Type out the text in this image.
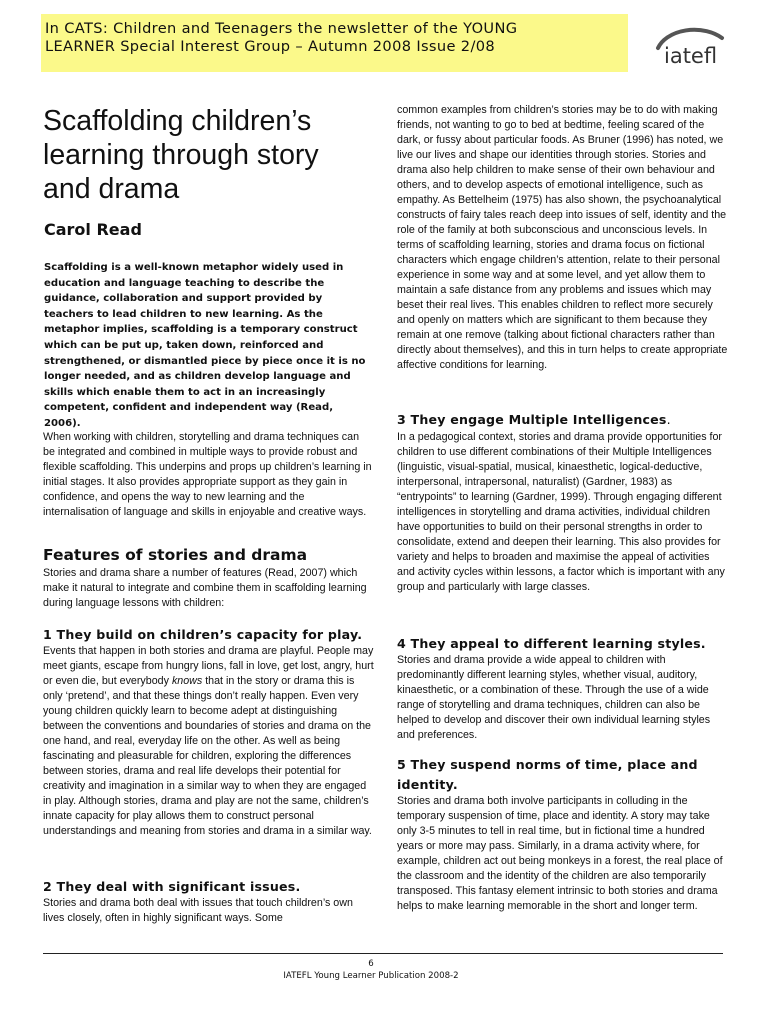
In CATS: Children and Teenagers the newsletter of the YOUNG
LEARNER Special Interest Group – Autumn 2008 Issue 2/08	iatefl
Scaffolding children’s learning through story and drama
Carol Read
Scaffolding is a well-known metaphor widely used in education and language teaching to describe the guidance, collaboration and support provided by teachers to lead children to new learning. As the metaphor implies, scaffolding is a temporary construct which can be put up, taken down, reinforced and strengthened, or dismantled piece by piece once it is no longer needed, and as children develop language and skills which enable them to act in an increasingly competent, confident and independent way (Read, 2006).
When working with children, storytelling and drama techniques can be integrated and combined in multiple ways to provide robust and flexible scaffolding. This underpins and props up children’s learning in initial stages. It also provides appropriate support as they gain in confidence, and opens the way to new learning and the internalisation of language and skills in enjoyable and creative ways.
Features of stories and drama
Stories and drama share a number of features (Read, 2007) which make it natural to integrate and combine them in scaffolding learning during language lessons with children:
1 They build on children’s capacity for play.
Events that happen in both stories and drama are playful. People may meet giants, escape from hungry lions, fall in love, get lost, angry, hurt or even die, but everybody knows that in the story or drama this is only ‘pretend’, and that these things don’t really happen. Even very young children quickly learn to become adept at distinguishing between the conventions and boundaries of stories and drama on the one hand, and real, everyday life on the other. As well as being fascinating and pleasurable for children, exploring the differences between stories, drama and real life develops their potential for creativity and imagination in a similar way to when they are engaged in play. Although stories, drama and play are not the same, children’s innate capacity for play allows them to construct personal understandings and meaning from stories and drama in a similar way.
2 They deal with significant issues.
Stories and drama both deal with issues that touch children’s own lives closely, often in highly significant ways. Some
common examples from children’s stories may be to do with making friends, not wanting to go to bed at bedtime, feeling scared of the dark, or fussy about particular foods. As Bruner (1996) has noted, we live our lives and shape our identities through stories. Stories and drama also help children to make sense of their own behaviour and others, and to develop aspects of emotional intelligence, such as empathy. As Bettelheim (1975) has also shown, the psychoanalytical constructs of fairy tales reach deep into issues of self, identity and the role of the family at both subconscious and unconscious levels. In terms of scaffolding learning, stories and drama focus on fictional characters which engage children’s attention, relate to their personal experience in some way and at some level, and yet allow them to maintain a safe distance from any problems and issues which may beset their real lives. This enables children to reflect more securely and openly on matters which are significant to them because they remain at one remove (talking about fictional characters rather than directly about themselves), and this in turn helps to create appropriate affective conditions for learning.
3 They engage Multiple Intelligences.
In a pedagogical context, stories and drama provide opportunities for children to use different combinations of their Multiple Intelligences (linguistic, visual-spatial, musical, kinaesthetic, logical-deductive, interpersonal, intrapersonal, naturalist) (Gardner, 1983) as “entrypoints” to learning (Gardner, 1999). Through engaging different intelligences in storytelling and drama activities, individual children have opportunities to build on their personal strengths in order to consolidate, extend and deepen their learning. This also provides for variety and helps to broaden and maximise the appeal of activities and activity cycles within lessons, a factor which is important with any group and particularly with large classes.
4 They appeal to different learning styles.
Stories and drama provide a wide appeal to children with predominantly different learning styles, whether visual, auditory, kinaesthetic, or a combination of these. Through the use of a wide range of storytelling and drama techniques, children can also be helped to develop and discover their own individual learning styles and preferences.
5 They suspend norms of time, place and identity.
Stories and drama both involve participants in colluding in the temporary suspension of time, place and identity. A story may take only 3-5 minutes to tell in real time, but in fictional time a hundred years or more may pass. Similarly, in a drama activity where, for example, children act out being monkeys in a forest, the real place of the classroom and the identity of the children are also temporarily transposed. This fantasy element intrinsic to both stories and drama helps to make learning memorable in the short and longer term.
6
IATEFL Young Learner Publication 2008-2
